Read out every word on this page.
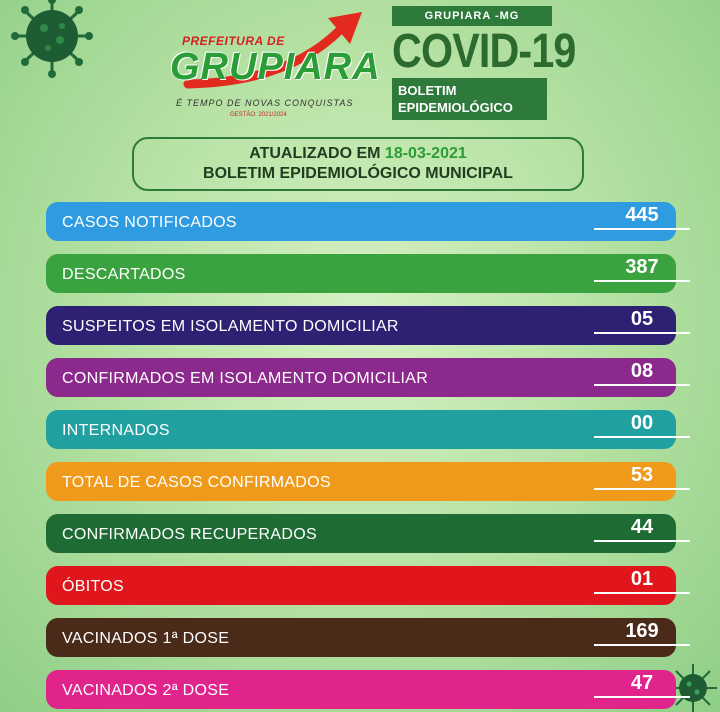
PREFEITURA DE
GRUPIARA
É TEMPO DE NOVAS CONQUISTAS
GESTÃO: 2021/2024
GRUPIARA -MG
COVID-19
BOLETIM
EPIDEMIOLÓGICO
ATUALIZADO EM 18-03-2021
BOLETIM EPIDEMIOLÓGICO MUNICIPAL
CASOS NOTIFICADOS	445
DESCARTADOS	387
SUSPEITOS EM ISOLAMENTO DOMICILIAR	05
CONFIRMADOS EM ISOLAMENTO DOMICILIAR	08
INTERNADOS	00
TOTAL DE CASOS CONFIRMADOS	53
CONFIRMADOS RECUPERADOS	44
ÓBITOS	01
VACINADOS 1ª DOSE	169
VACINADOS 2ª DOSE	47
